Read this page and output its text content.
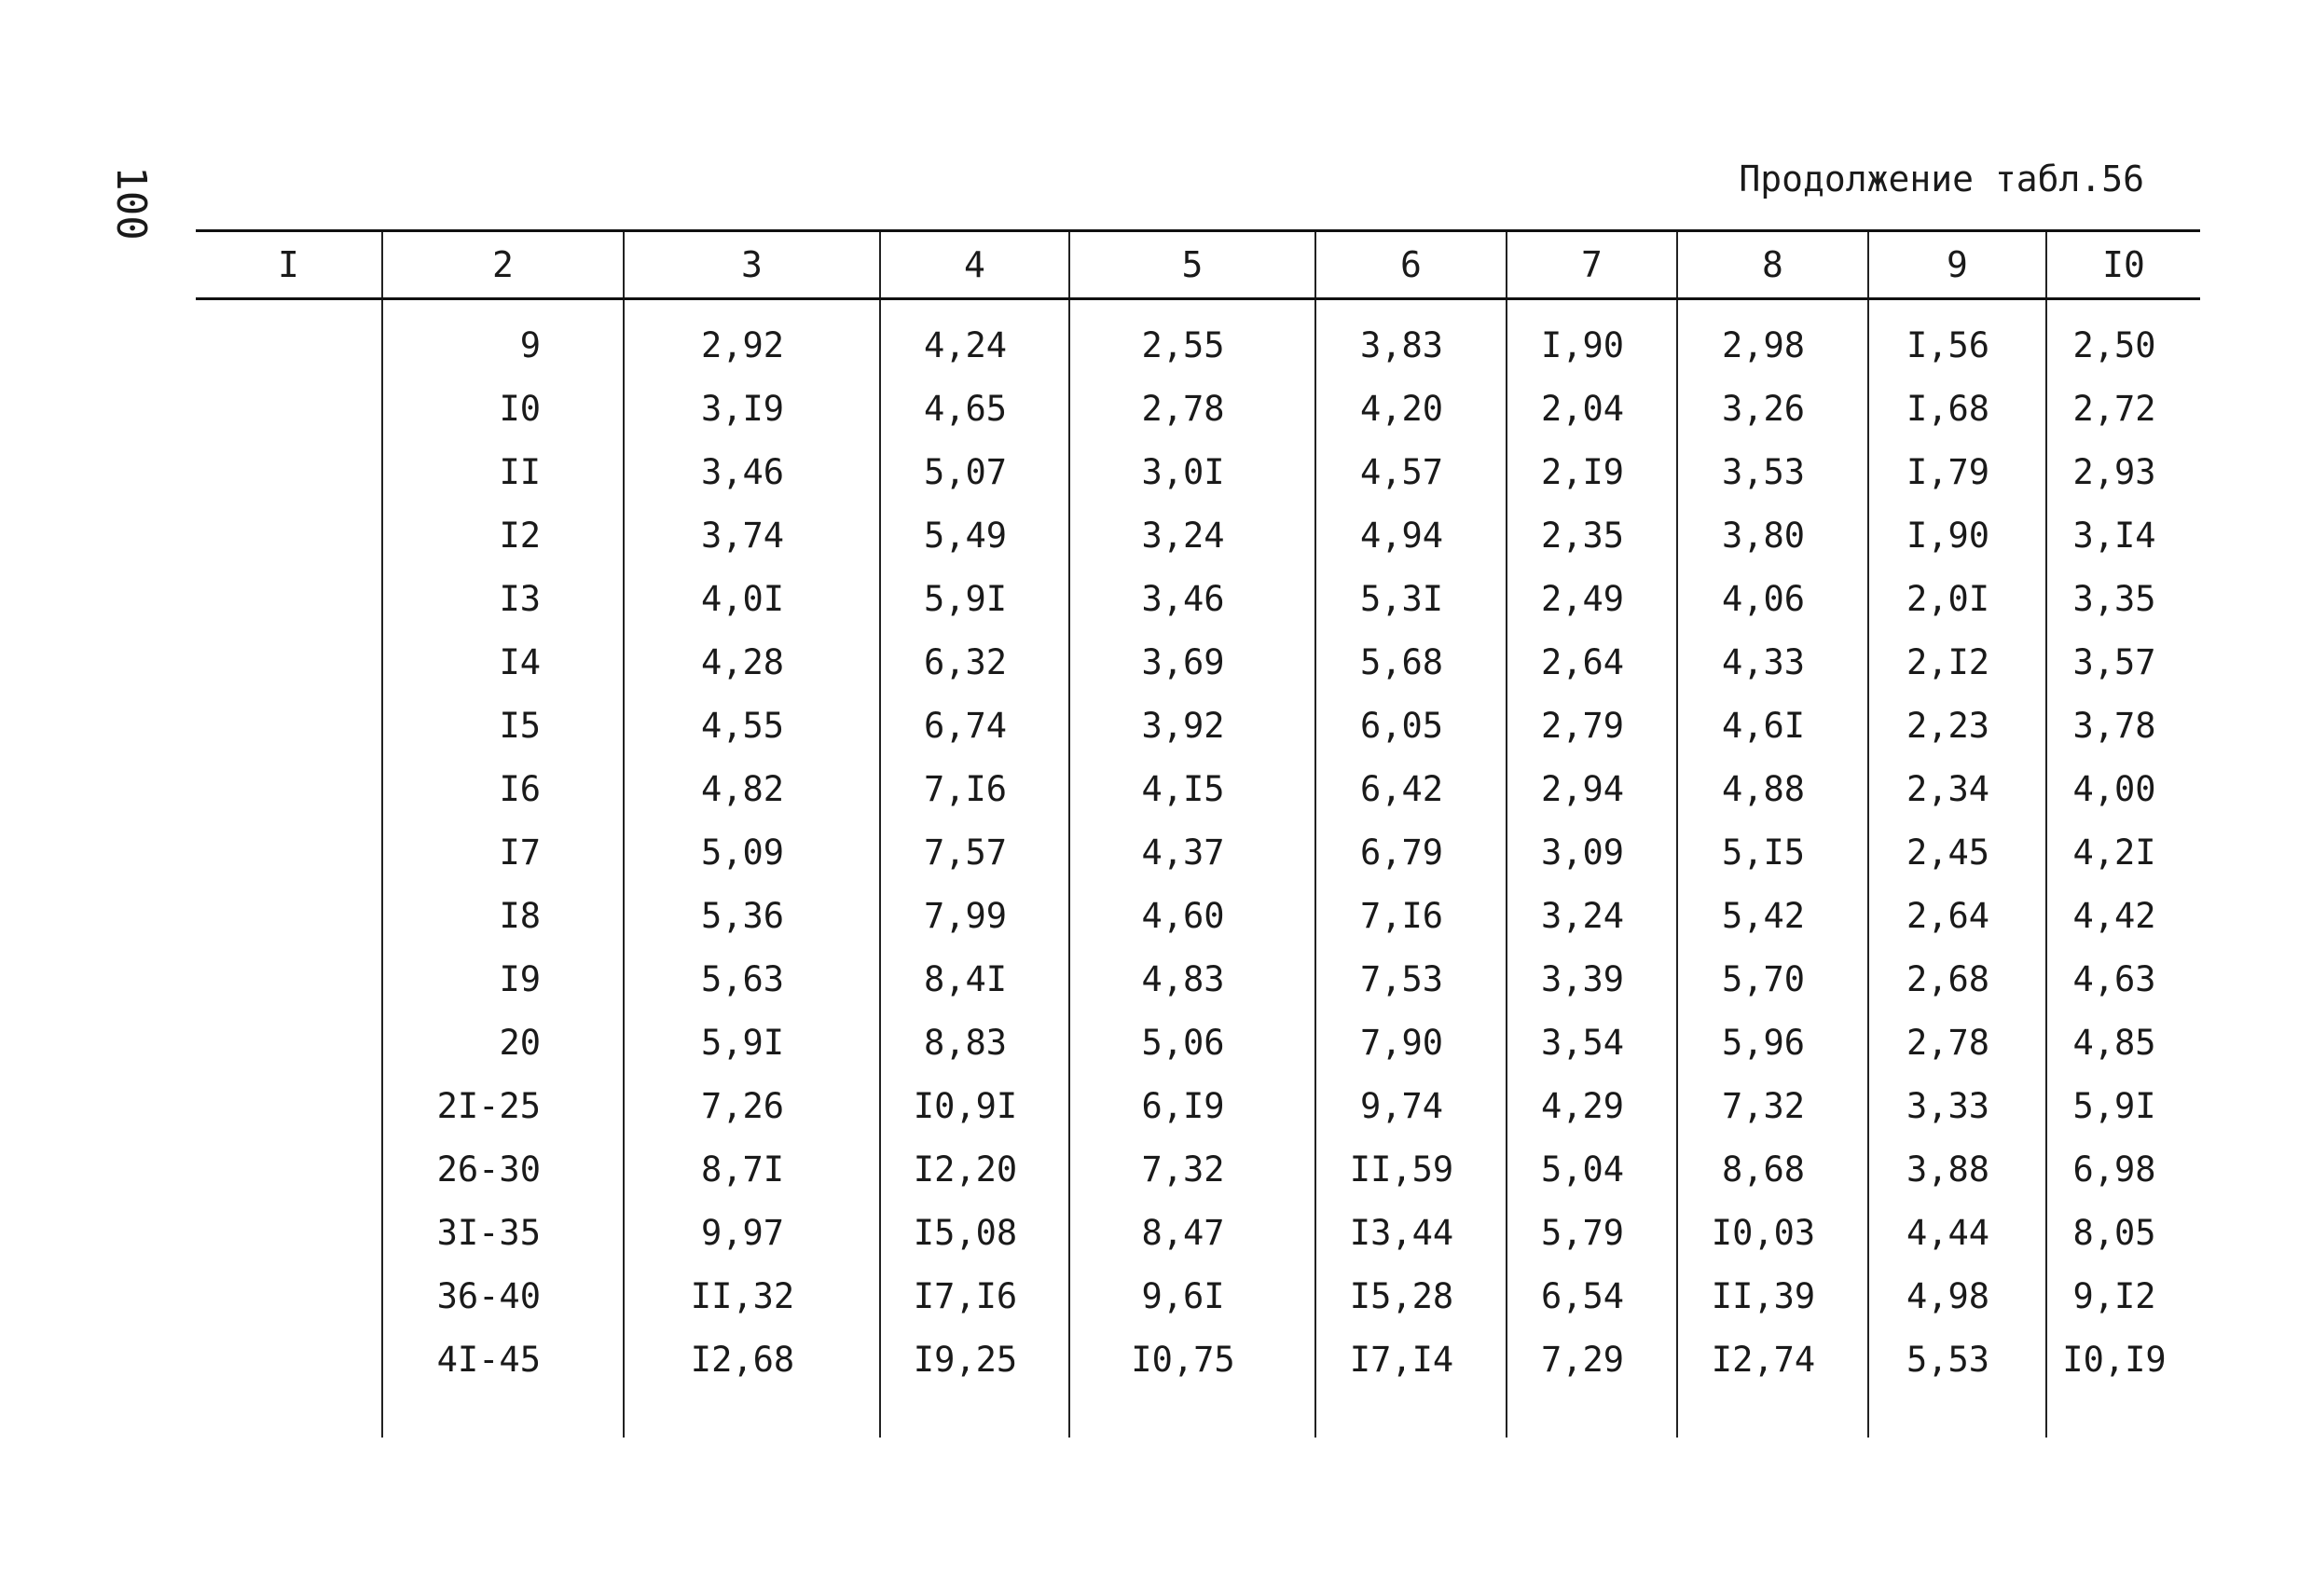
100	Продолжение табл.56
I	2	3	4	5	6	7	8	9	I0
	9	2,92	4,24	2,55	3,83	I,90	2,98	I,56	2,50
	I0	3,I9	4,65	2,78	4,20	2,04	3,26	I,68	2,72
	II	3,46	5,07	3,0I	4,57	2,I9	3,53	I,79	2,93
	I2	3,74	5,49	3,24	4,94	2,35	3,80	I,90	3,I4
	I3	4,0I	5,9I	3,46	5,3I	2,49	4,06	2,0I	3,35
	I4	4,28	6,32	3,69	5,68	2,64	4,33	2,I2	3,57
	I5	4,55	6,74	3,92	6,05	2,79	4,6I	2,23	3,78
	I6	4,82	7,I6	4,I5	6,42	2,94	4,88	2,34	4,00
	I7	5,09	7,57	4,37	6,79	3,09	5,I5	2,45	4,2I
	I8	5,36	7,99	4,60	7,I6	3,24	5,42	2,64	4,42
	I9	5,63	8,4I	4,83	7,53	3,39	5,70	2,68	4,63
	20	5,9I	8,83	5,06	7,90	3,54	5,96	2,78	4,85
	2I-25	7,26	I0,9I	6,I9	9,74	4,29	7,32	3,33	5,9I
	26-30	8,7I	I2,20	7,32	II,59	5,04	8,68	3,88	6,98
	3I-35	9,97	I5,08	8,47	I3,44	5,79	I0,03	4,44	8,05
	36-40	II,32	I7,I6	9,6I	I5,28	6,54	II,39	4,98	9,I2
	4I-45	I2,68	I9,25	I0,75	I7,I4	7,29	I2,74	5,53	I0,I9
